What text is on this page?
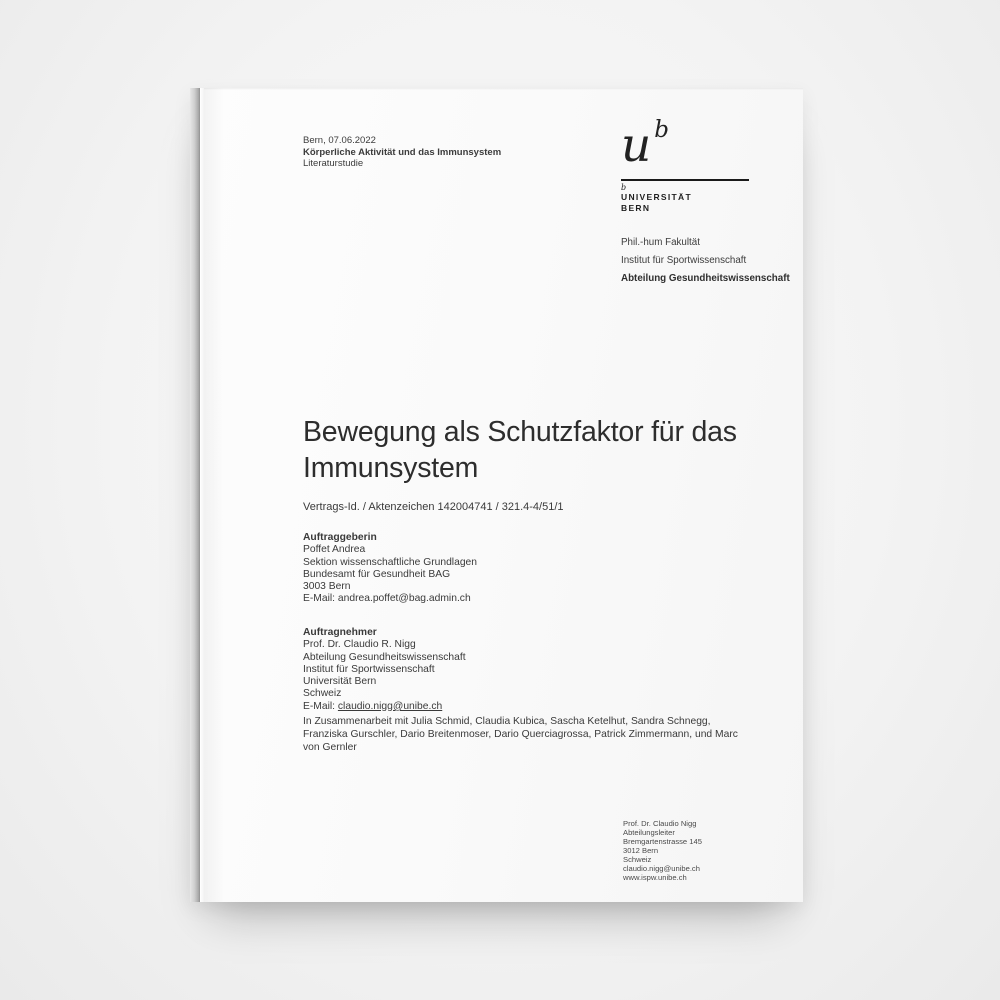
Bern, 07.06.2022
Körperliche Aktivität und das Immunsystem
Literaturstudie	ub
b
UNIVERSITÄT
BERN
Phil.-hum Fakultät
Institut für Sportwissenschaft
Abteilung Gesundheitswissenschaft
Bewegung als Schutzfaktor für das Immunsystem
Vertrags-Id. / Aktenzeichen 142004741 / 321.4-4/51/1
Auftraggeberin
Poffet Andrea
Sektion wissenschaftliche Grundlagen
Bundesamt für Gesundheit BAG
3003 Bern
E-Mail: andrea.poffet@bag.admin.ch
Auftragnehmer
Prof. Dr. Claudio R. Nigg
Abteilung Gesundheitswissenschaft
Institut für Sportwissenschaft
Universität Bern
Schweiz
E-Mail: claudio.nigg@unibe.ch
In Zusammenarbeit mit Julia Schmid, Claudia Kubica, Sascha Ketelhut, Sandra Schnegg, Franziska Gurschler, Dario Breitenmoser, Dario Querciagrossa, Patrick Zimmermann, und Marc von Gernler
Prof. Dr. Claudio Nigg
Abteilungsleiter
Bremgartenstrasse 145
3012 Bern
Schweiz
claudio.nigg@unibe.ch
www.ispw.unibe.ch
